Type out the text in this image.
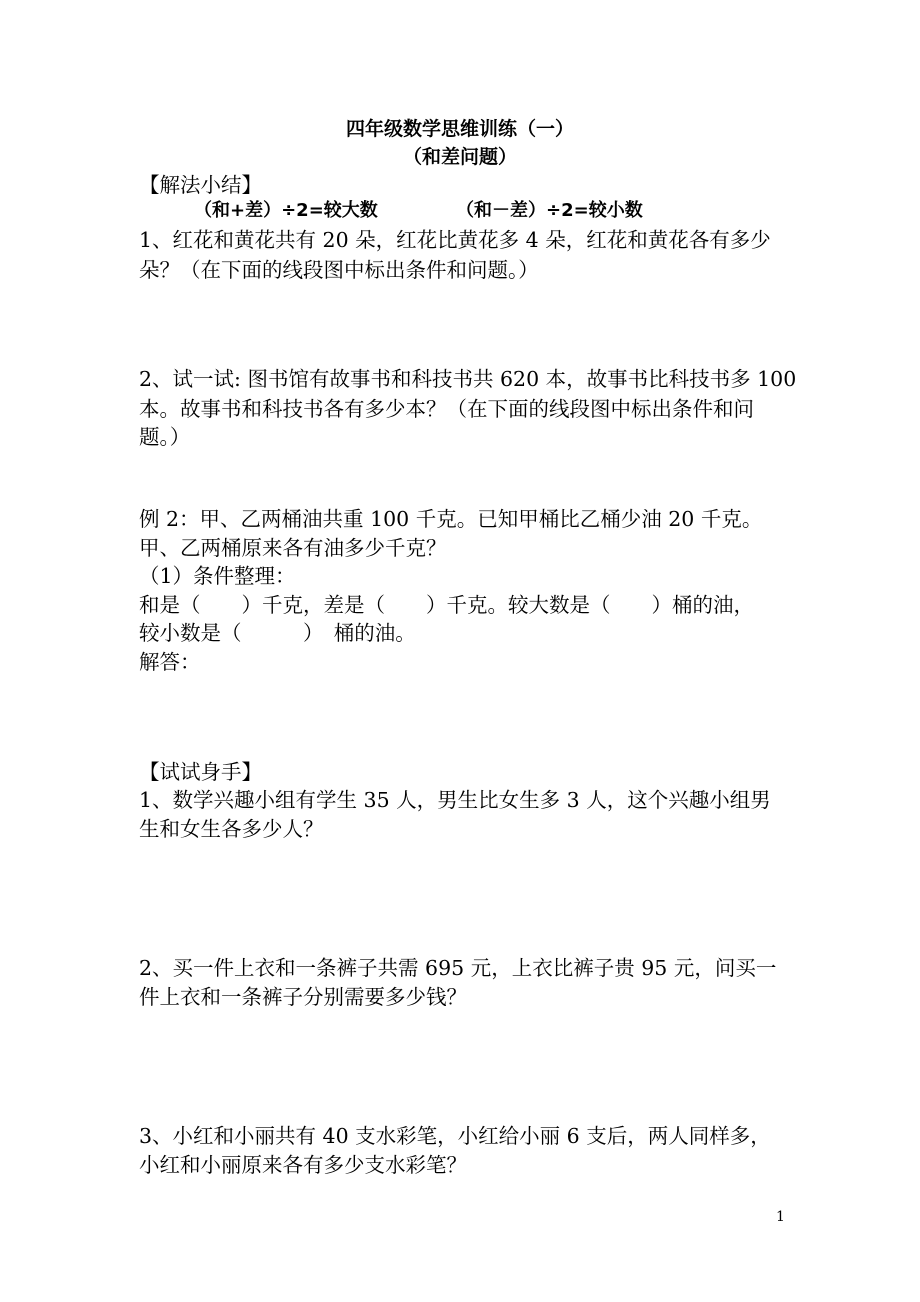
四年级数学思维训练（一）
（和差问题）
【解法小结】
（和+差）÷2=较大数	（和－差）÷2=较小数
1、红花和黄花共有 20 朵，红花比黄花多 4 朵，红花和黄花各有多少
朵？（在下面的线段图中标出条件和问题。）
2、试一试: 图书馆有故事书和科技书共 620 本，故事书比科技书多 100
本。故事书和科技书各有多少本？（在下面的线段图中标出条件和问
题。）
例 2：甲、乙两桶油共重 100 千克。已知甲桶比乙桶少油 20 千克。
甲、乙两桶原来各有油多少千克？
（1）条件整理：
和是（　　）千克，差是（　　）千克。较大数是（　　）桶的油，
较小数是（　　　）　桶的油。
解答：
【试试身手】
1、数学兴趣小组有学生 35 人，男生比女生多 3 人，这个兴趣小组男
生和女生各多少人？
2、买一件上衣和一条裤子共需 695 元，上衣比裤子贵 95 元，问买一
件上衣和一条裤子分别需要多少钱？
3、小红和小丽共有 40 支水彩笔，小红给小丽 6 支后，两人同样多，
小红和小丽原来各有多少支水彩笔？
1
